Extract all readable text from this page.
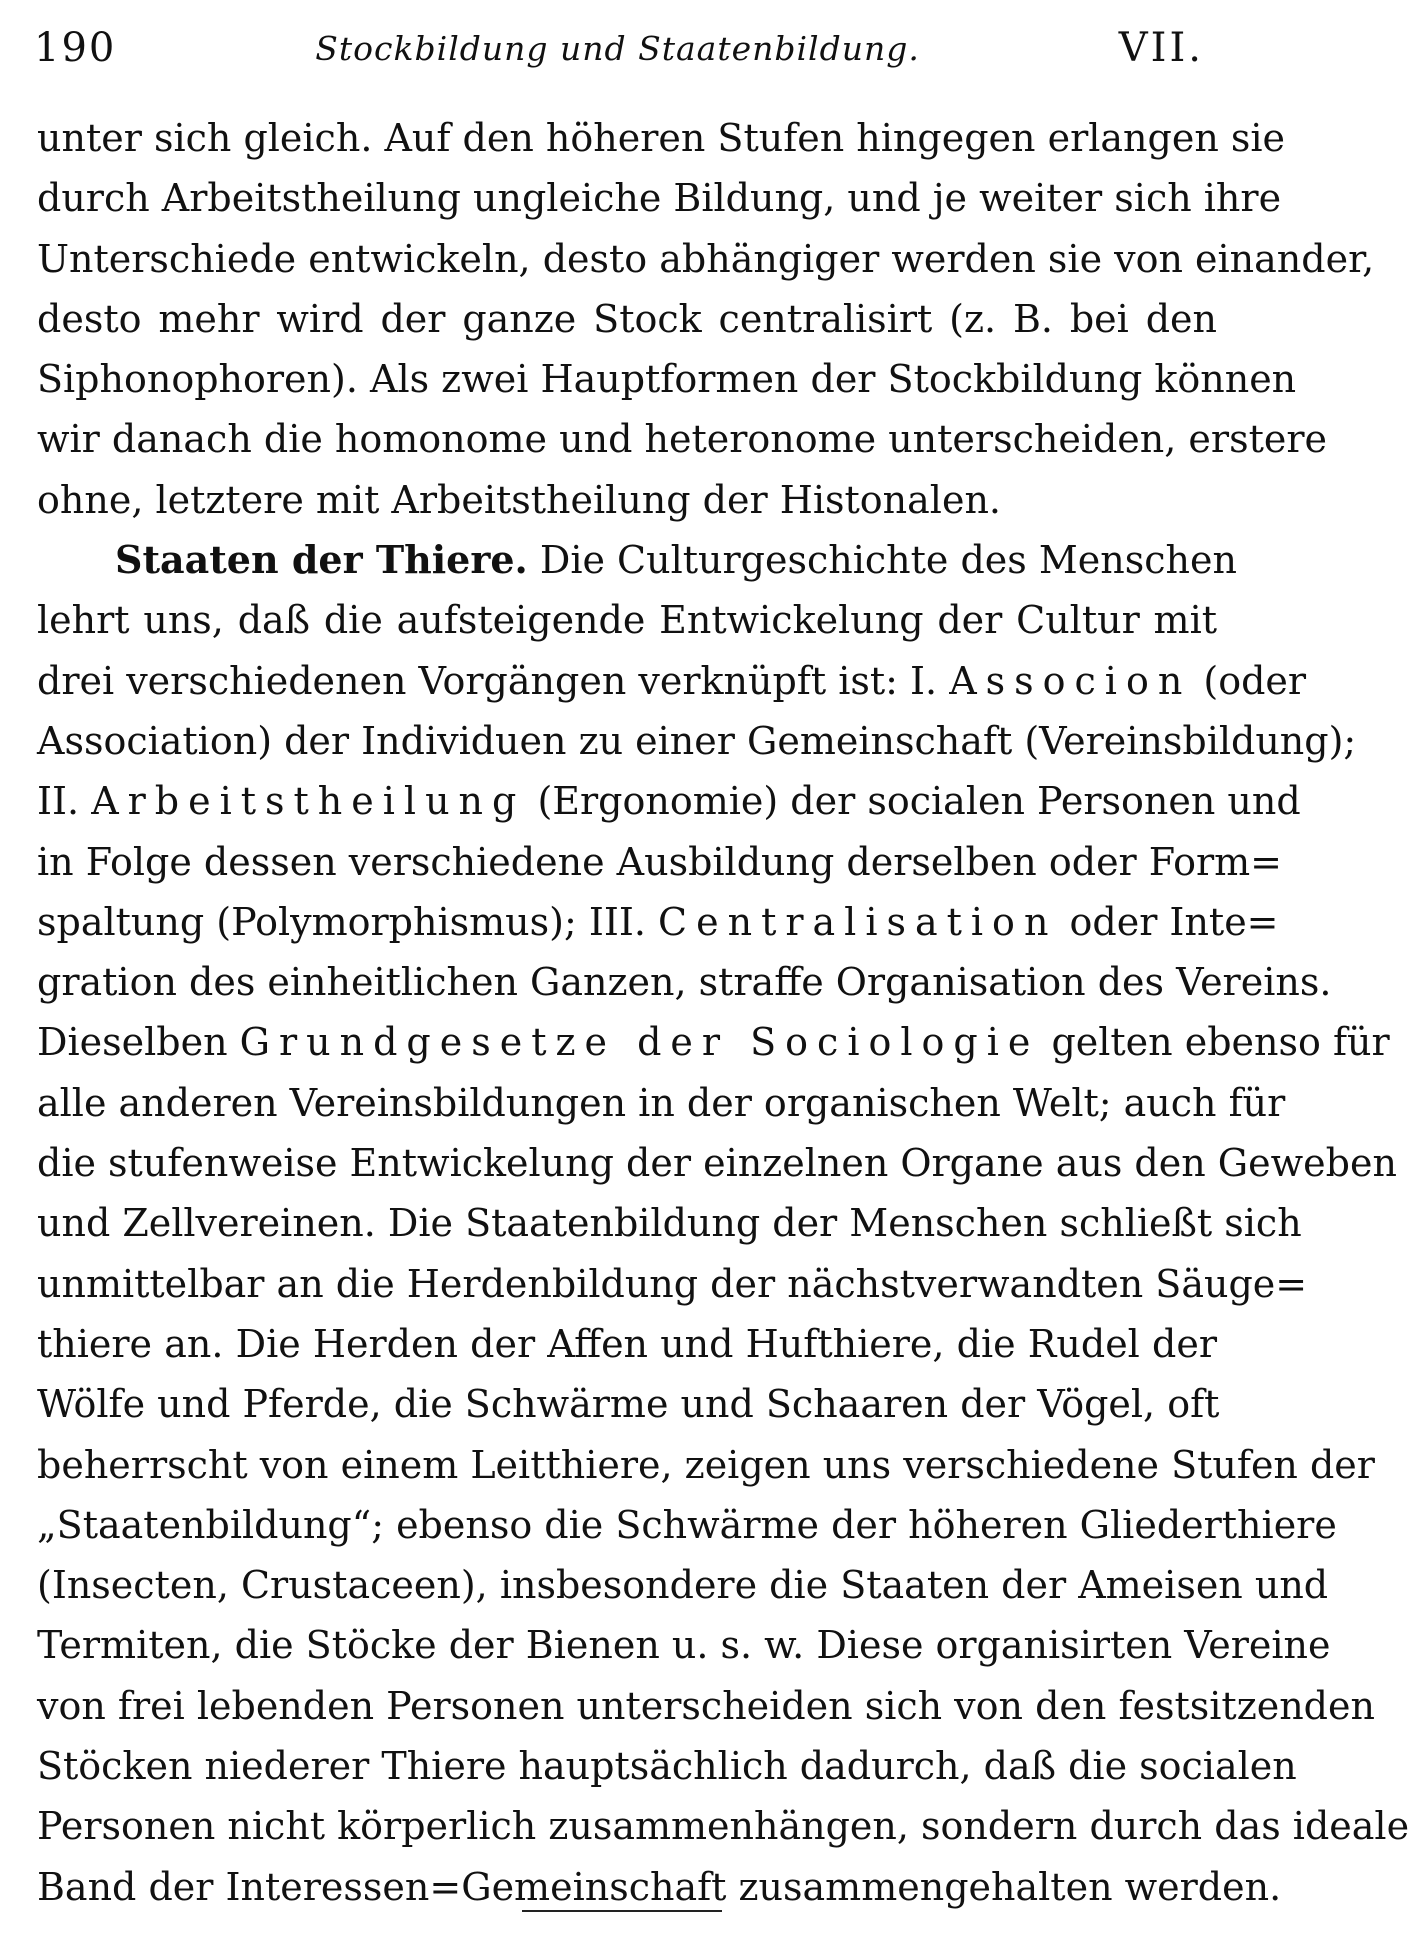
190	Stockbildung und Staatenbildung.	VII.
unter sich gleich. Auf den höheren Stufen hingegen erlangen sie
durch Arbeitstheilung ungleiche Bildung, und je weiter sich ihre
Unterschiede entwickeln, desto abhängiger werden sie von einander,
desto mehr wird der ganze Stock centralisirt (z. B. bei den
Siphonophoren). Als zwei Hauptformen der Stockbildung können
wir danach die homonome und heteronome unterscheiden, erstere
ohne, letztere mit Arbeitstheilung der Histonalen.
Staaten der Thiere. Die Culturgeschichte des Menschen
lehrt uns, daß die aufsteigende Entwickelung der Cultur mit
drei verschiedenen Vorgängen verknüpft ist: I. Associon (oder
Association) der Individuen zu einer Gemeinschaft (Vereinsbildung);
II. Arbeitstheilung (Ergonomie) der socialen Personen und
in Folge dessen verschiedene Ausbildung derselben oder Form=
spaltung (Polymorphismus); III. Centralisation oder Inte=
gration des einheitlichen Ganzen, straffe Organisation des Vereins.
Dieselben Grundgesetze der Sociologie gelten ebenso für
alle anderen Vereinsbildungen in der organischen Welt; auch für
die stufenweise Entwickelung der einzelnen Organe aus den Geweben
und Zellvereinen. Die Staatenbildung der Menschen schließt sich
unmittelbar an die Herdenbildung der nächstverwandten Säuge=
thiere an. Die Herden der Affen und Hufthiere, die Rudel der
Wölfe und Pferde, die Schwärme und Schaaren der Vögel, oft
beherrscht von einem Leitthiere, zeigen uns verschiedene Stufen der
„Staatenbildung“; ebenso die Schwärme der höheren Gliederthiere
(Insecten, Crustaceen), insbesondere die Staaten der Ameisen und
Termiten, die Stöcke der Bienen u. s. w. Diese organisirten Vereine
von frei lebenden Personen unterscheiden sich von den festsitzenden
Stöcken niederer Thiere hauptsächlich dadurch, daß die socialen
Personen nicht körperlich zusammenhängen, sondern durch das ideale
Band der Interessen=Gemeinschaft zusammengehalten werden.
